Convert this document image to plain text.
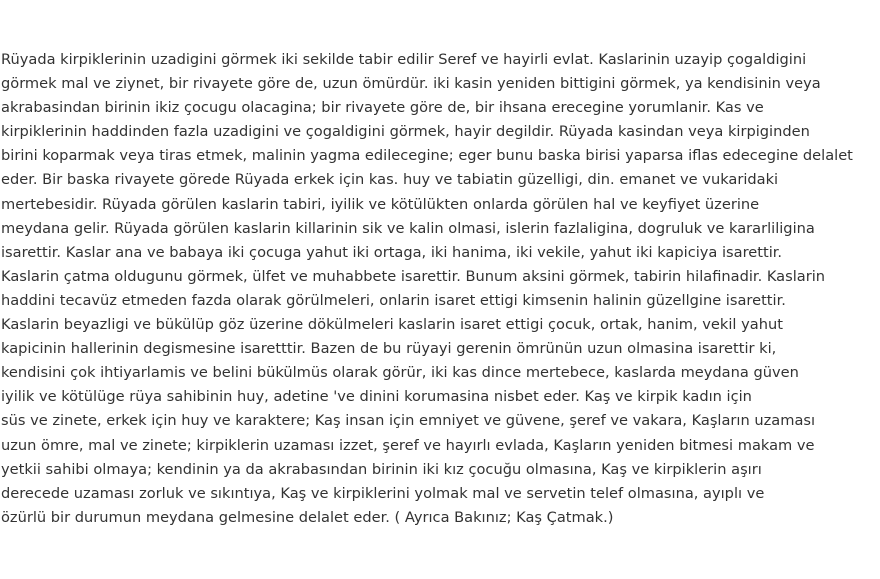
Rüyada kirpiklerinin uzadigini görmek iki sekilde tabir edilir Seref ve hayirli evlat. Kaslarinin uzayip çogaldigini
görmek mal ve ziynet, bir rivayete göre de, uzun ömürdür. iki kasin yeniden bittigini görmek, ya kendisinin veya
akrabasindan birinin ikiz çocugu olacagina; bir rivayete göre de, bir ihsana erecegine yorumlanir. Kas ve
kirpiklerinin haddinden fazla uzadigini ve çogaldigini görmek, hayir degildir. Rüyada kasindan veya kirpiginden
birini koparmak veya tiras etmek, malinin yagma edilecegine; eger bunu baska birisi yaparsa iflas edecegine delalet
eder. Bir baska rivayete görede Rüyada erkek için kas. huy ve tabiatin güzelligi, din. emanet ve vukaridaki
mertebesidir. Rüyada görülen kaslarin tabiri, iyilik ve kötülükten onlarda görülen hal ve keyfiyet üzerine
meydana gelir. Rüyada görülen kaslarin killarinin sik ve kalin olmasi, islerin fazlaligina, dogruluk ve kararliligina
isarettir. Kaslar ana ve babaya iki çocuga yahut iki ortaga, iki hanima, iki vekile, yahut iki kapiciya isarettir.
Kaslarin çatma oldugunu görmek, ülfet ve muhabbete isarettir. Bunum aksini görmek, tabirin hilafinadir. Kaslarin
haddini tecavüz etmeden fazda olarak görülmeleri, onlarin isaret ettigi kimsenin halinin güzellgine isarettir.
Kaslarin beyazligi ve bükülüp göz üzerine dökülmeleri kaslarin isaret ettigi çocuk, ortak, hanim, vekil yahut
kapicinin hallerinin degismesine isaretttir. Bazen de bu rüyayi gerenin ömrünün uzun olmasina isarettir ki,
kendisini çok ihtiyarlamis ve belini bükülmüs olarak görür, iki kas dince mertebece, kaslarda meydana güven
iyilik ve kötülüge rüya sahibinin huy, adetine 've dinini korumasina nisbet eder. Kaş ve kirpik kadın için
süs ve zinete, erkek için huy ve karaktere; Kaş insan için emniyet ve güvene, şeref ve vakara, Kaşların uzaması
uzun ömre, mal ve zinete; kirpiklerin uzaması izzet, şeref ve hayırlı evlada, Kaşların yeniden bitmesi makam ve
yetkii sahibi olmaya; kendinin ya da akrabasından birinin iki kız çocuğu olmasına, Kaş ve kirpiklerin aşırı
derecede uzaması zorluk ve sıkıntıya, Kaş ve kirpiklerini yolmak mal ve servetin telef olmasına, ayıplı ve
özürlü bir durumun meydana gelmesine delalet eder. ( Ayrıca Bakınız; Kaş Çatmak.)
